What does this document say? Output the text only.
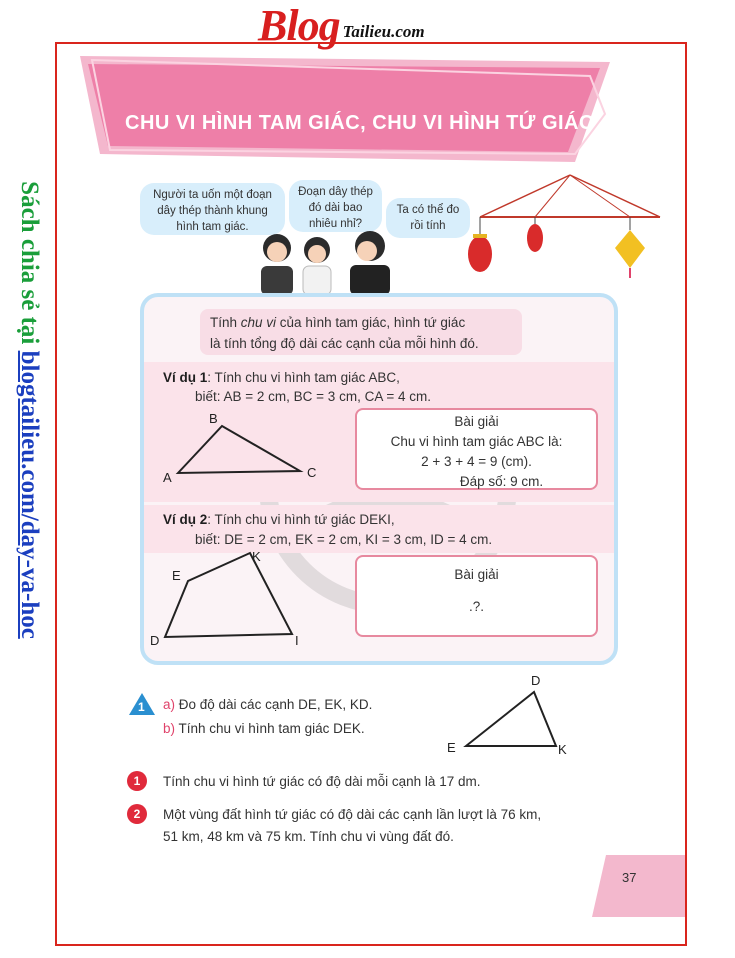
Blog Tailieu.com
Sách chia sẻ tại blogtailieu.com/day-va-hoc
CHU VI HÌNH TAM GIÁC, CHU VI HÌNH TỨ GIÁC
Người ta uốn một đoạn dây thép thành khung hình tam giác.
Đoạn dây thép đó dài bao nhiêu nhỉ?
Ta có thể đo rồi tính
Tính chu vi của hình tam giác, hình tứ giác
là tính tổng độ dài các cạnh của mỗi hình đó.
Ví dụ 1: Tính chu vi hình tam giác ABC,
biết: AB = 2 cm, BC = 3 cm, CA = 4 cm.
B
A	C
Bài giải
Chu vi hình tam giác ABC là:
2 + 3 + 4 = 9 (cm).
Đáp số: 9 cm.
Ví dụ 2: Tính chu vi hình tứ giác DEKI,
biết: DE = 2 cm, EK = 2 cm, KI = 3 cm, ID = 4 cm.
E
K
D	I
Bài giải
.?.
1 a) Đo độ dài các cạnh DE, EK, KD.
b) Tính chu vi hình tam giác DEK.
D
E	K
1	Tính chu vi hình tứ giác có độ dài mỗi cạnh là 17 dm.
2	Một vùng đất hình tứ giác có độ dài các cạnh lần lượt là 76 km,
51 km, 48 km và 75 km. Tính chu vi vùng đất đó.
37
